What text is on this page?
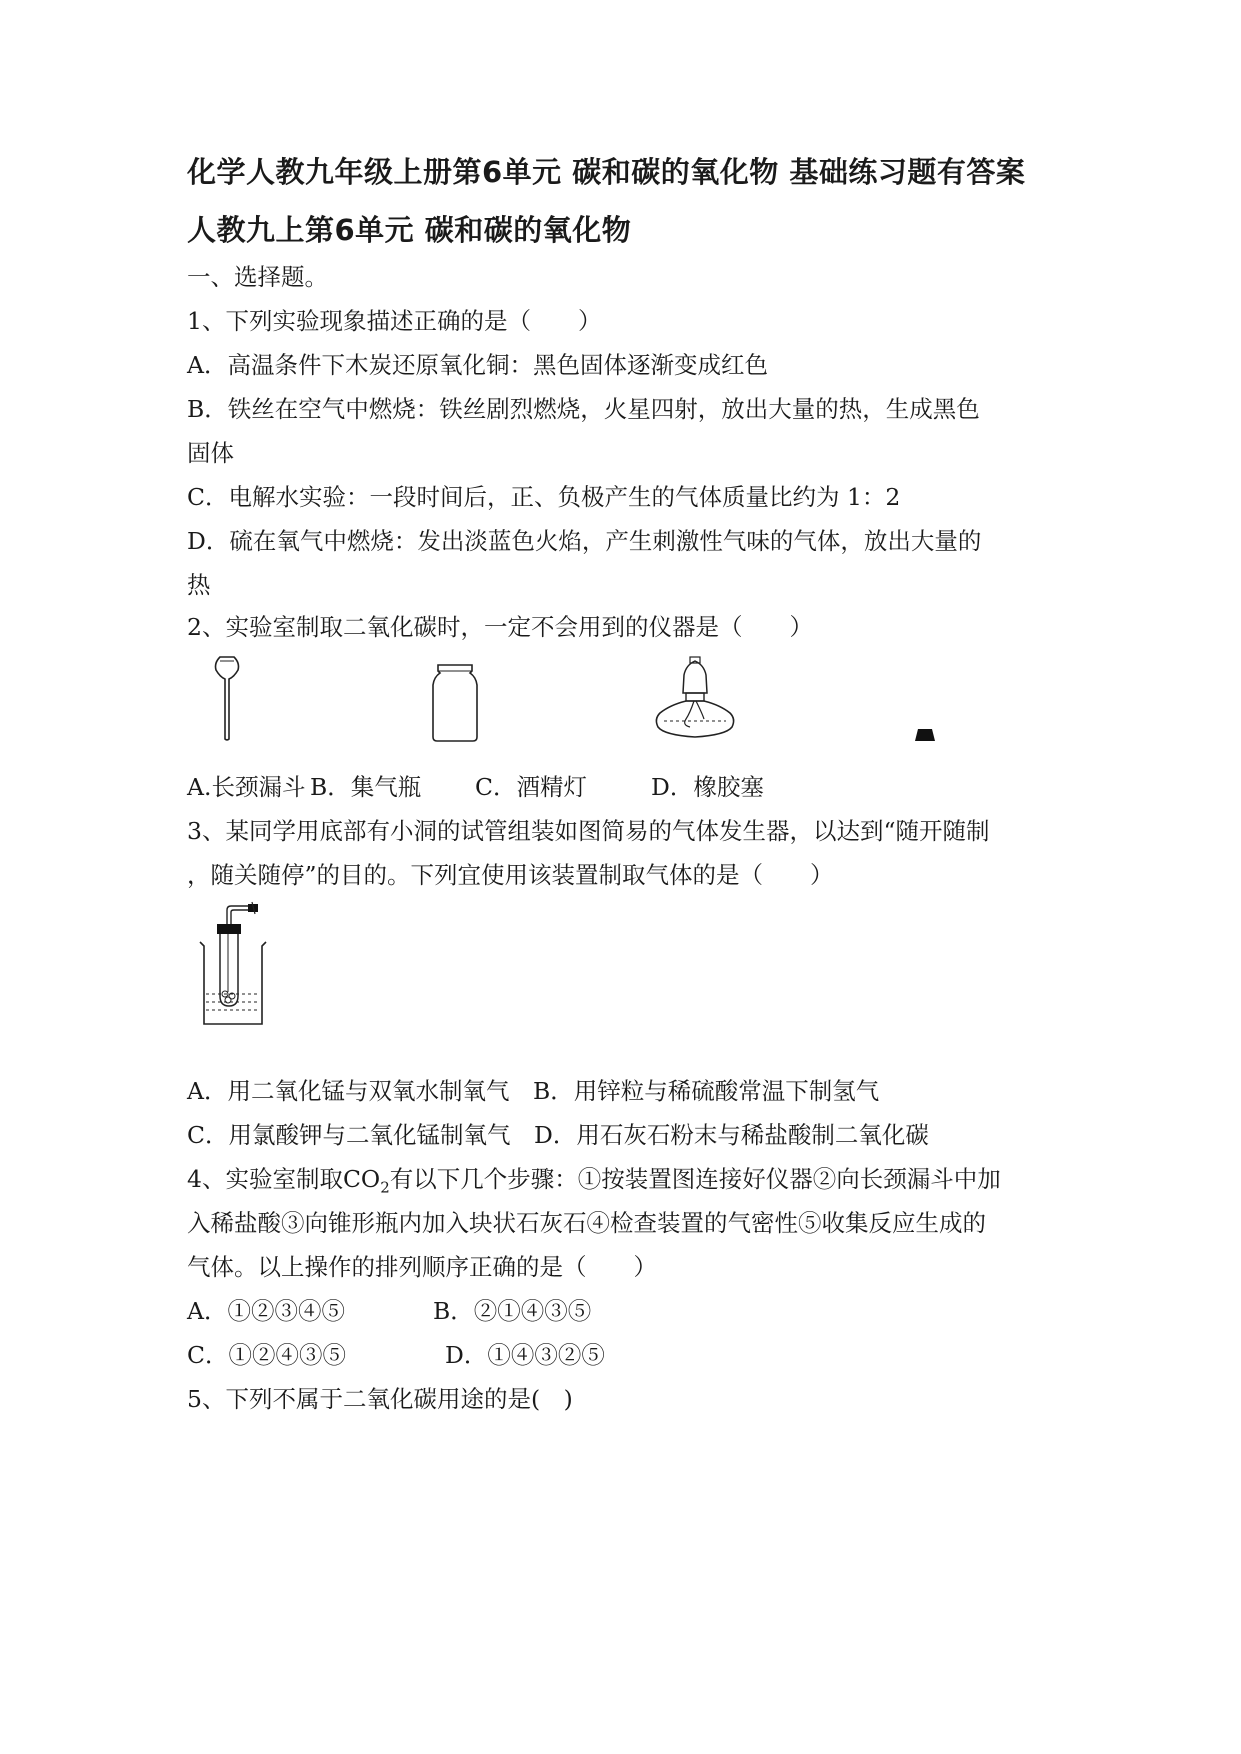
化学人教九年级上册第6单元 碳和碳的氧化物 基础练习题有答案
人教九上第6单元 碳和碳的氧化物
一、选择题。
1、下列实验现象描述正确的是（　　）
A．高温条件下木炭还原氧化铜：黑色固体逐渐变成红色
B．铁丝在空气中燃烧：铁丝剧烈燃烧，火星四射，放出大量的热，生成黑色
固体
C．电解水实验：一段时间后，正、负极产生的气体质量比约为 1：2
D．硫在氧气中燃烧：发出淡蓝色火焰，产生刺激性气味的气体，放出大量的
热
2、实验室制取二氧化碳时，一定不会用到的仪器是（　　）
A.长颈漏斗 B．集气瓶 C．酒精灯	D．橡胶塞
3、某同学用底部有小洞的试管组装如图简易的气体发生器，以达到“随开随制
，随关随停”的目的。下列宜使用该装置制取气体的是（　　）
A．用二氧化锰与双氧水制氧气　B．用锌粒与稀硫酸常温下制氢气
C．用氯酸钾与二氧化锰制氧气　D．用石灰石粉末与稀盐酸制二氧化碳
4、实验室制取$CO_2$有以下几个步骤：①按装置图连接好仪器②向长颈漏斗中加
入稀盐酸③向锥形瓶内加入块状石灰石④检查装置的气密性⑤收集反应生成的
气体。以上操作的排列顺序正确的是（　　）
A．①②③④⑤	B．②①④③⑤
C．①②④③⑤	D．①④③②⑤
5、下列不属于二氧化碳用途的是(　)
